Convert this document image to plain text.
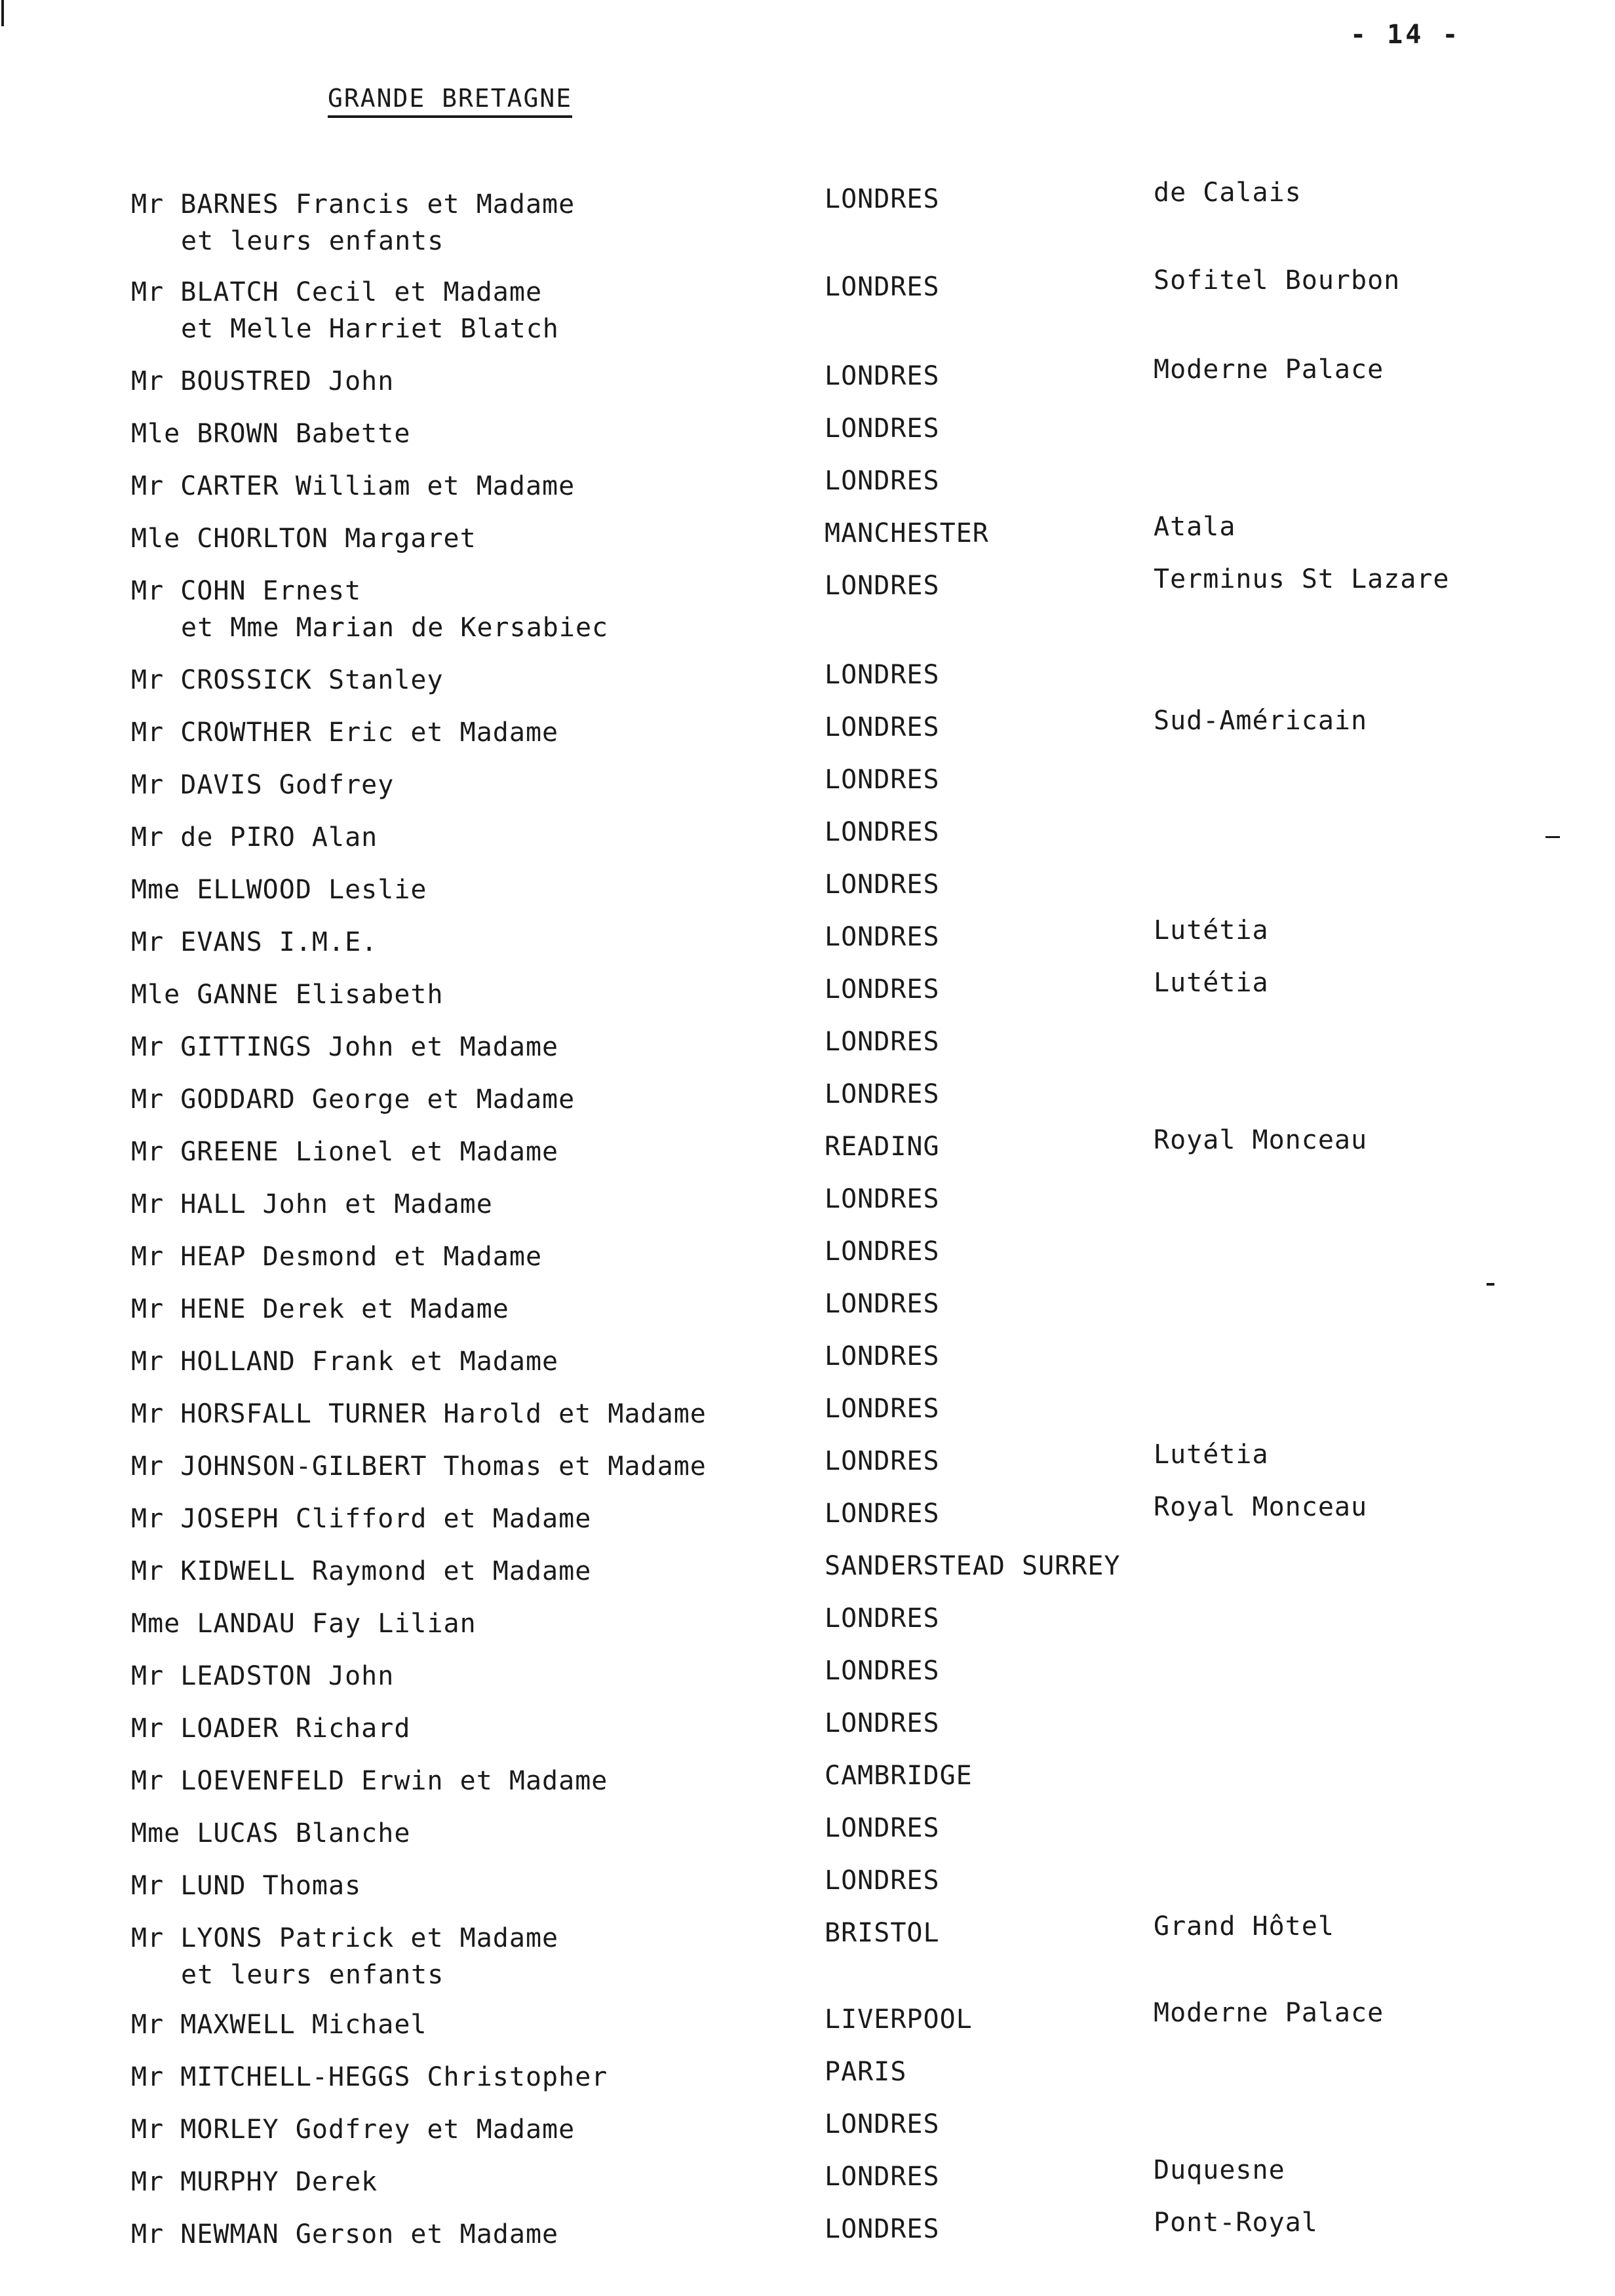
- 14 -
GRANDE BRETAGNE
Mr BARNES Francis et Madame
et leurs enfants
LONDRES	de Calais
Mr BLATCH Cecil et Madame
et Melle Harriet Blatch
LONDRES	Sofitel Bourbon
Mr BOUSTRED John	LONDRES	Moderne Palace
Mle BROWN Babette	LONDRES
Mr CARTER William et Madame	LONDRES
Mle CHORLTON Margaret	MANCHESTER	Atala
Mr COHN Ernest
et Mme Marian de Kersabiec
LONDRES	Terminus St Lazare
Mr CROSSICK Stanley	LONDRES
Mr CROWTHER Eric et Madame	LONDRES	Sud-Américain
Mr DAVIS Godfrey	LONDRES
Mr de PIRO Alan	LONDRES
Mme ELLWOOD Leslie	LONDRES
Mr EVANS I.M.E.	LONDRES	Lutétia
Mle GANNE Elisabeth	LONDRES	Lutétia
Mr GITTINGS John et Madame	LONDRES
Mr GODDARD George et Madame	LONDRES
Mr GREENE Lionel et Madame	READING	Royal Monceau
Mr HALL John et Madame	LONDRES
Mr HEAP Desmond et Madame	LONDRES
Mr HENE Derek et Madame	LONDRES
Mr HOLLAND Frank et Madame	LONDRES
Mr HORSFALL TURNER Harold et Madame	LONDRES
Mr JOHNSON-GILBERT Thomas et Madame	LONDRES	Lutétia
Mr JOSEPH Clifford et Madame	LONDRES	Royal Monceau
Mr KIDWELL Raymond et Madame	SANDERSTEAD SURREY
Mme LANDAU Fay Lilian	LONDRES
Mr LEADSTON John	LONDRES
Mr LOADER Richard	LONDRES
Mr LOEVENFELD Erwin et Madame	CAMBRIDGE
Mme LUCAS Blanche	LONDRES
Mr LUND Thomas	LONDRES
Mr LYONS Patrick et Madame
et leurs enfants
BRISTOL	Grand Hôtel
Mr MAXWELL Michael	LIVERPOOL	Moderne Palace
Mr MITCHELL-HEGGS Christopher	PARIS
Mr MORLEY Godfrey et Madame	LONDRES
Mr MURPHY Derek	LONDRES	Duquesne
Mr NEWMAN Gerson et Madame	LONDRES	Pont-Royal
